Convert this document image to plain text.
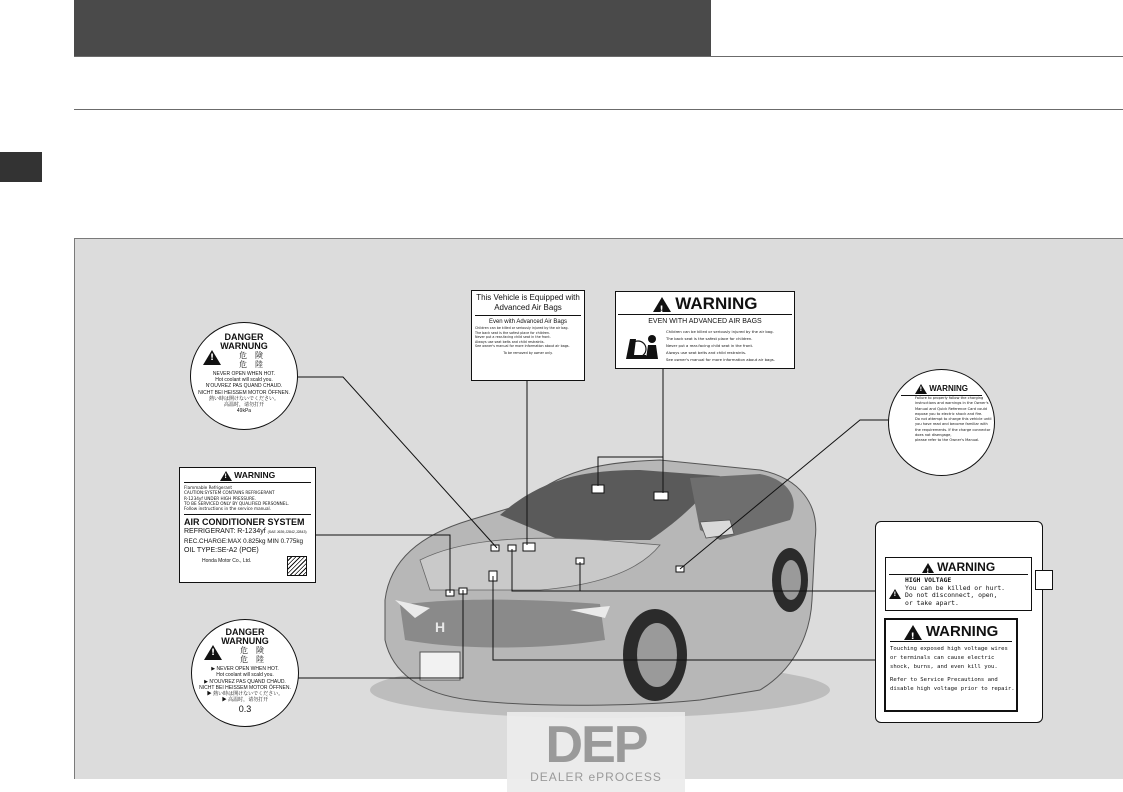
H
!
DANGER
WARNUNG
危　険
危　陸
NEVER OPEN WHEN HOT.
Hot coolant will scald you.
N'OUVREZ PAS QUAND CHAUD.
NICHT BEI HEISSEM MOTOR ÖFFNEN.
熱い時は開けないでください。
高温时，请勿打开
49kPa
! WARNING
Flammable Refrigerant
CAUTION:SYSTEM CONTAINS REFRIGERANT
R-1234yf UNDER HIGH PRESSURE.
TO BE SERVICED ONLY BY QUALIFIED PERSONNEL.
Follow instructions in the service manual.
AIR CONDITIONER SYSTEM
REFRIGERANT: R-1234yf (SAE J639,J2842,J2843)
REC.CHARGE:MAX 0.825kg MIN 0.775kg
OIL TYPE:SE-A2 (POE)
Honda Motor Co., Ltd.
!
DANGER
WARNUNG
危　険
危　陸
▶ NEVER OPEN WHEN HOT.
Hot coolant will scald you.
▶ N'OUVREZ PAS QUAND CHAUD.
NICHT BEI HEISSEM MOTOR ÖFFNEN.
▶ 熱い時は開けないでください。
▶ 高温时，请勿打开
0.3
This Vehicle is Equipped with
Advanced Air Bags
Even with Advanced Air Bags
Children can be killed or seriously injured by the air bag.
The back seat is the safest place for children.
Never put a rear-facing child seat in the front.
Always use seat belts and child restraints.
See owner's manual for more information about air bags.
To be removed by owner only.
! WARNING
EVEN WITH ADVANCED AIR BAGS
Children can be killed or seriously injured by the air bag.
The back seat is the safest place for children.
Never put a rear-facing child seat in the front.
Always use seat belts and child restraints.
See owner's manual for more information about air bags.
! WARNING
Failure to properly follow the charging
instructions and warnings in the Owner's
Manual and Quick Reference Card could
expose you to electric shock and fire.
Do not attempt to charge this vehicle until
you have read and become familiar with
the requirements. If the charge connector
does not disengage,
please refer to the Owner's Manual.
! WARNING
!
HIGH VOLTAGE
You can be killed or hurt.
Do not disconnect, open,
or take apart.
! WARNING
Touching exposed high voltage wires
or terminals can cause electric
shock, burns, and even kill you.
Refer to Service Precautions and
disable high voltage prior to repair.
DEP
DEALER ePROCESS
